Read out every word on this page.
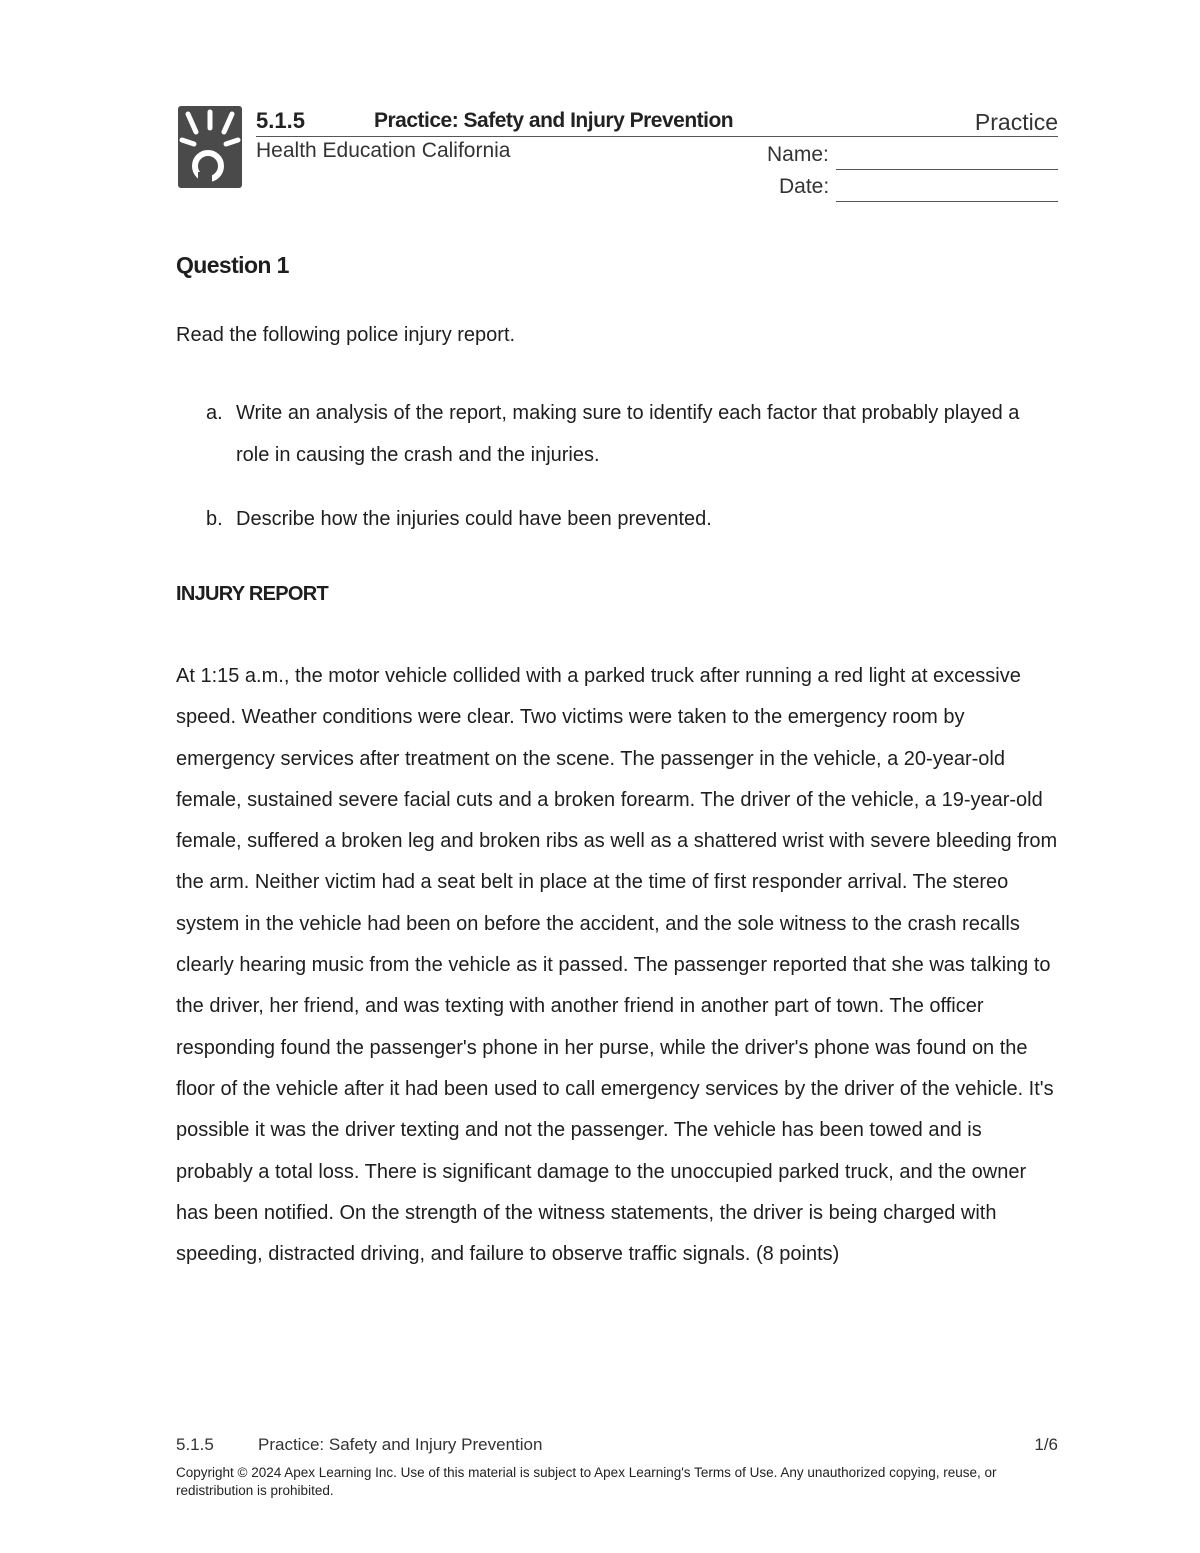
5.1.5	Practice: Safety and Injury Prevention	Practice
Health Education California	Name:
Date:
Question 1
Read the following police injury report.
a. Write an analysis of the report, making sure to identify each factor that probably played a role in causing the crash and the injuries.
b. Describe how the injuries could have been prevented.
INJURY REPORT

At 1:15 a.m., the motor vehicle collided with a parked truck after running a red light at excessive speed. Weather conditions were clear. Two victims were taken to the emergency room by emergency services after treatment on the scene. The passenger in the vehicle, a 20-year-old female, sustained severe facial cuts and a broken forearm. The driver of the vehicle, a 19-year-old female, suffered a broken leg and broken ribs as well as a shattered wrist with severe bleeding from the arm. Neither victim had a seat belt in place at the time of first responder arrival. The stereo system in the vehicle had been on before the accident, and the sole witness to the crash recalls clearly hearing music from the vehicle as it passed. The passenger reported that she was talking to the driver, her friend, and was texting with another friend in another part of town. The officer responding found the passenger's phone in her purse, while the driver's phone was found on the floor of the vehicle after it had been used to call emergency services by the driver of the vehicle. It's possible it was the driver texting and not the passenger. The vehicle has been towed and is probably a total loss. There is significant damage to the unoccupied parked truck, and the owner has been notified. On the strength of the witness statements, the driver is being charged with speeding, distracted driving, and failure to observe traffic signals. (8 points)

5.1.5	Practice: Safety and Injury Prevention	1/6

Copyright © 2024 Apex Learning Inc. Use of this material is subject to Apex Learning's Terms of Use. Any unauthorized copying, reuse, or redistribution is prohibited.
